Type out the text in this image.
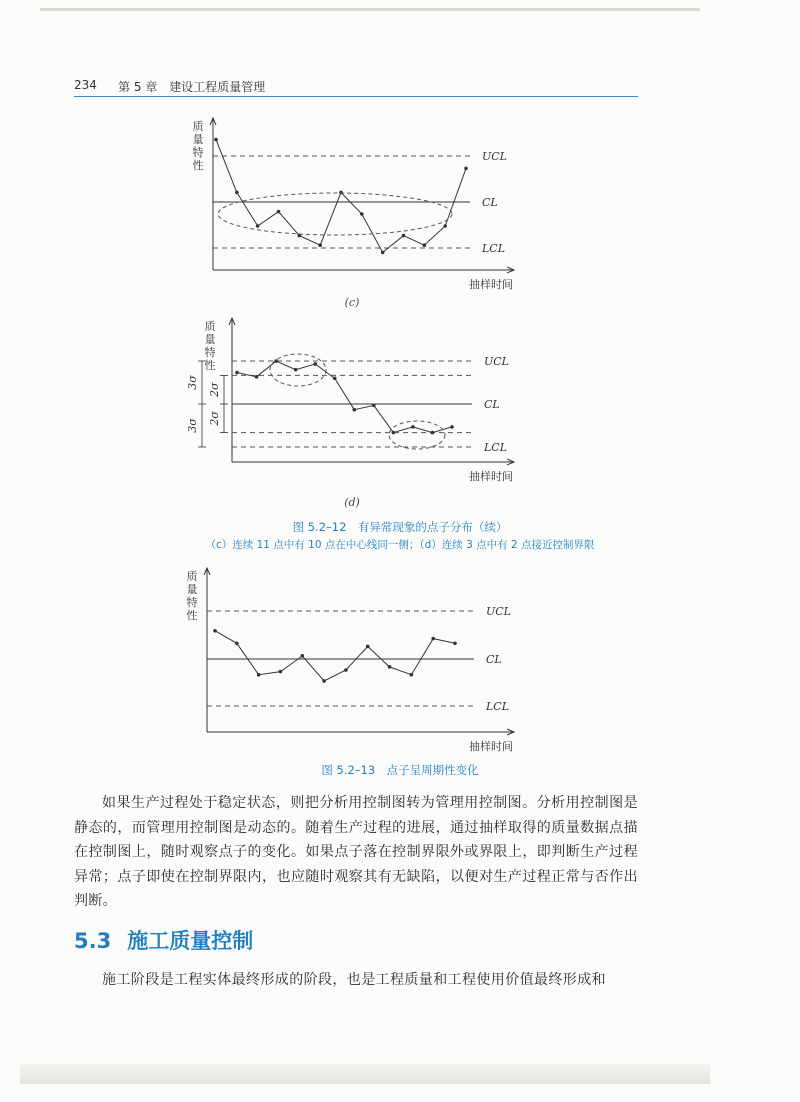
234 第 5 章　建设工程质量管理
质
量
特
性
抽样时间
UCL
CL
LCL
(c)
质
量
特
性
抽样时间
UCL
CL
LCL
3σ 2σ
2σ
3σ
(d)
质
量
特
性
抽样时间
UCL
CL
LCL
图 5.2–12　有异常现象的点子分布（续）
（c）连续 11 点中有 10 点在中心线同一侧；（d）连续 3 点中有 2 点接近控制界限
图 5.2–13　点子呈周期性变化
如果生产过程处于稳定状态，则把分析用控制图转为管理用控制图。分析用控制图是静态的，而管理用控制图是动态的。随着生产过程的进展，通过抽样取得的质量数据点描在控制图上，随时观察点子的变化。如果点子落在控制界限外或界限上，即判断生产过程异常；点子即使在控制界限内，也应随时观察其有无缺陷，以便对生产过程正常与否作出判断。
5.3 施工质量控制
施工阶段是工程实体最终形成的阶段，也是工程质量和工程使用价值最终形成和
